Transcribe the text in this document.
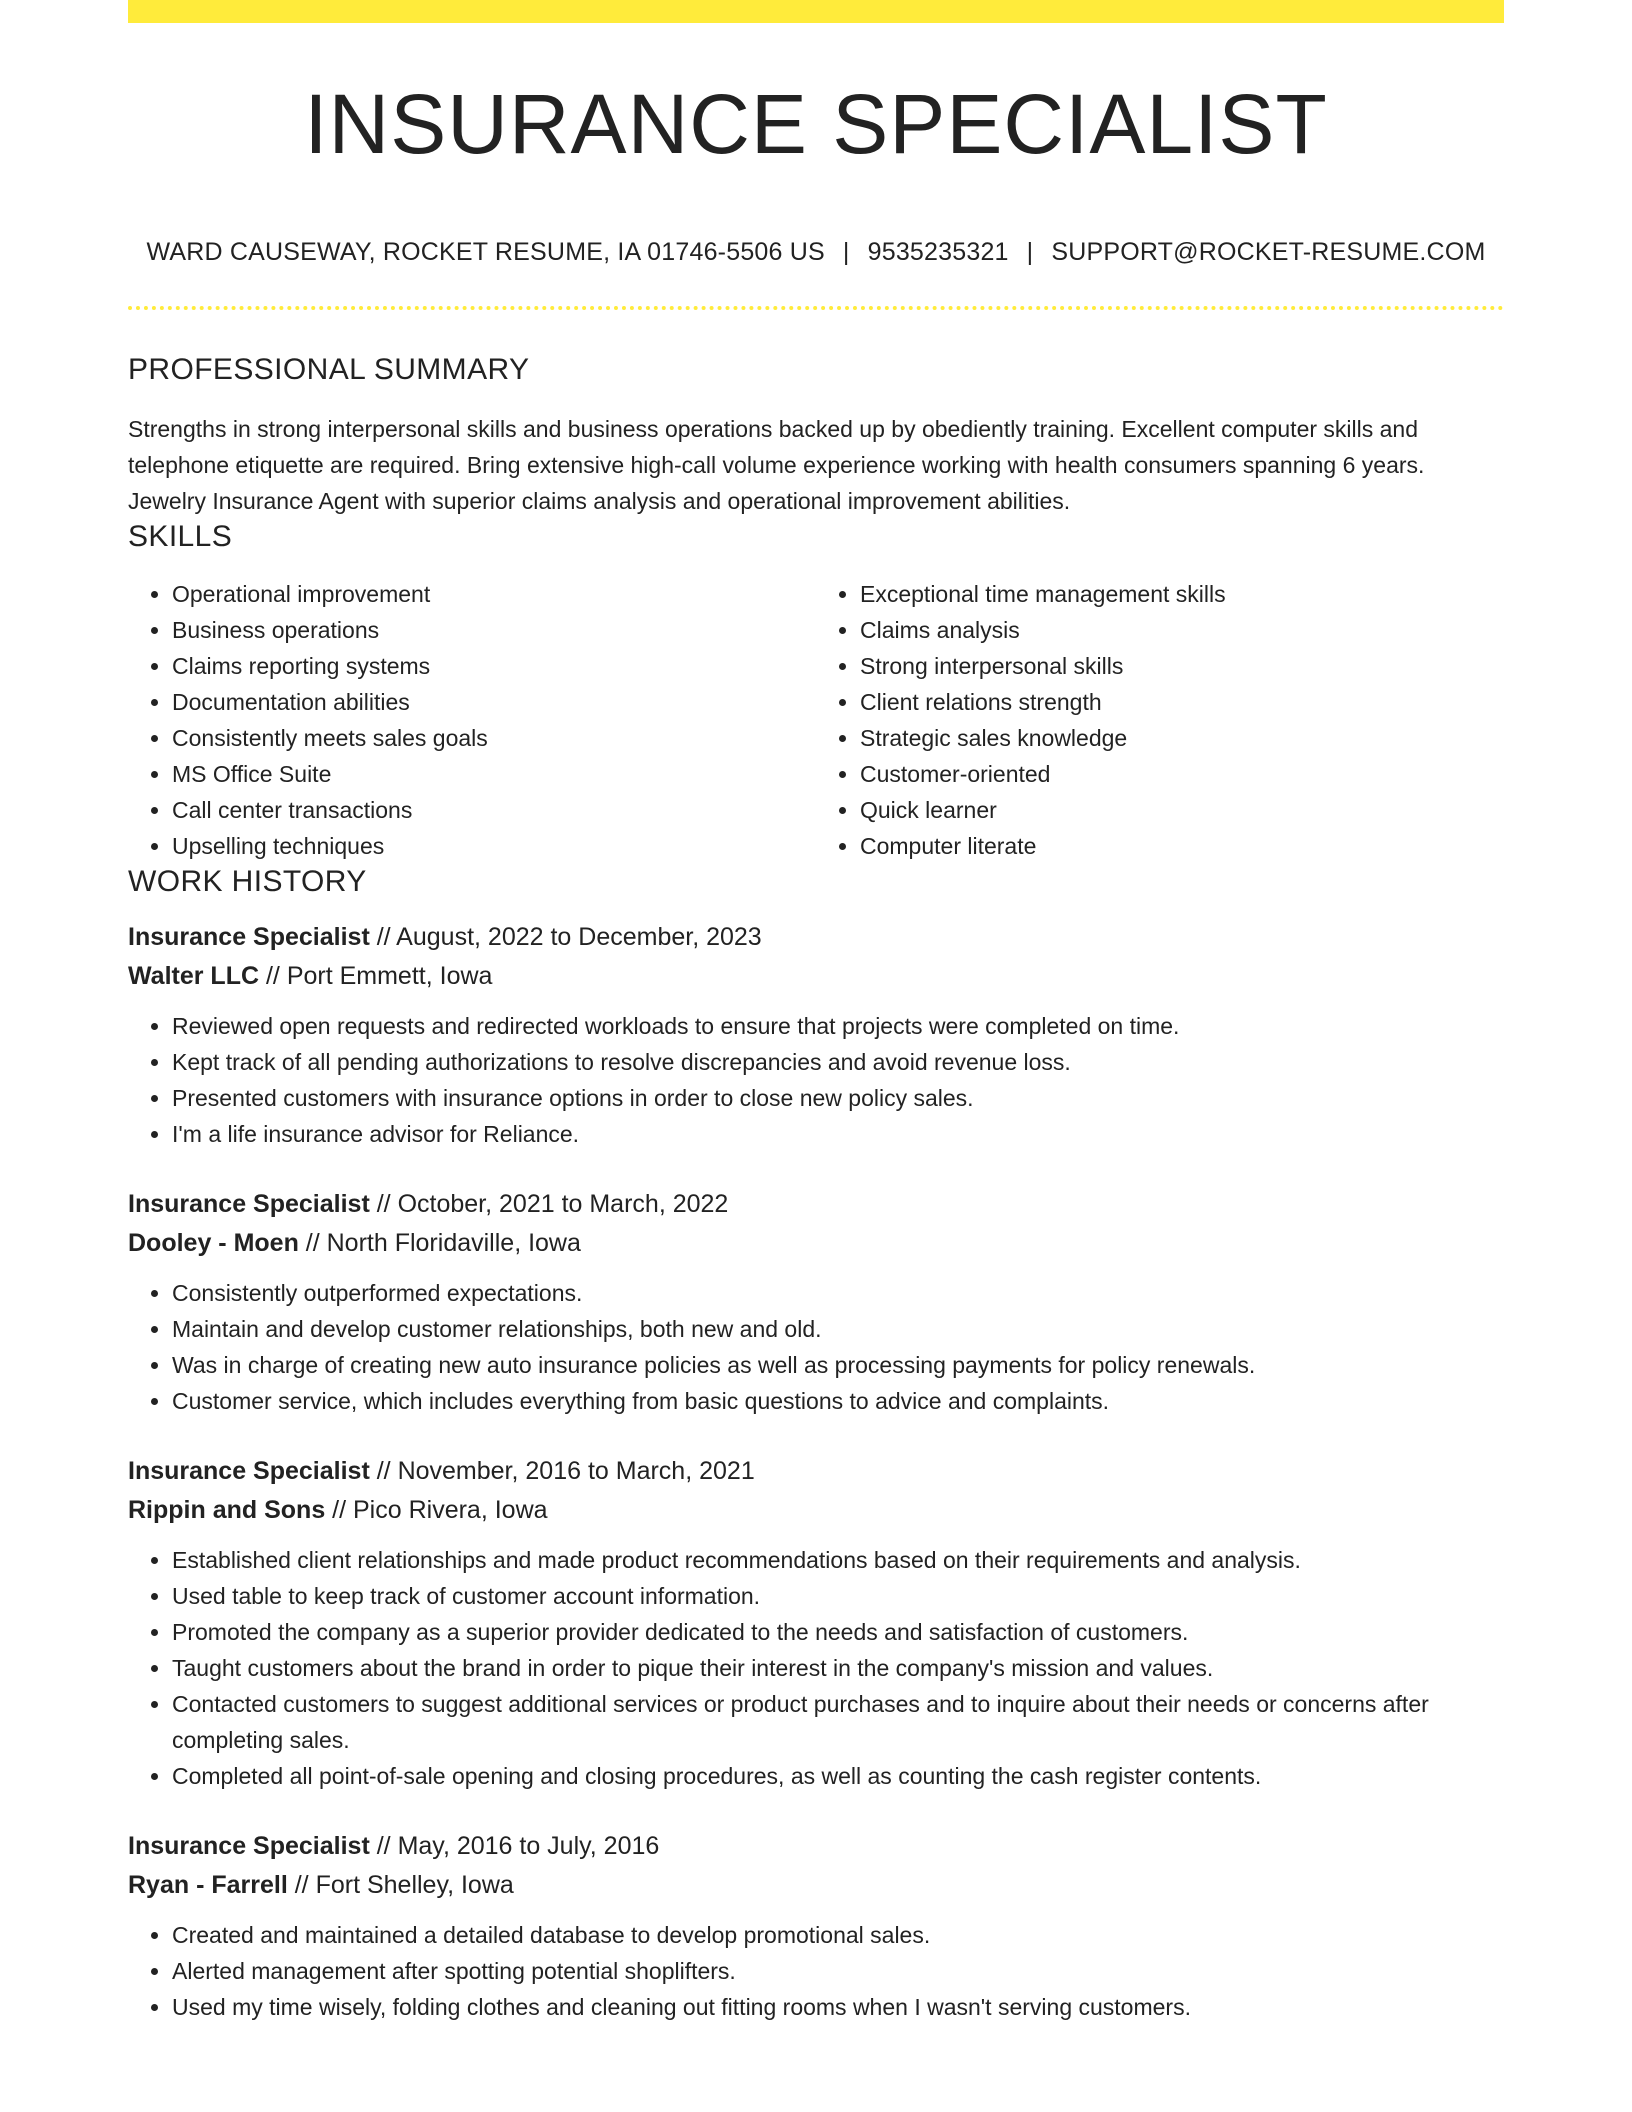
INSURANCE SPECIALIST
WARD CAUSEWAY, ROCKET RESUME, IA 01746-5506 US | 9535235321 | SUPPORT@ROCKET-RESUME.COM
PROFESSIONAL SUMMARY

Strengths in strong interpersonal skills and business operations backed up by obediently training. Excellent computer skills and telephone etiquette are required. Bring extensive high-call volume experience working with health consumers spanning 6 years. Jewelry Insurance Agent with superior claims analysis and operational improvement abilities.

SKILLS
• Operational improvement
• Business operations
• Claims reporting systems
• Documentation abilities
• Consistently meets sales goals
• MS Office Suite
• Call center transactions
• Upselling techniques
• Exceptional time management skills
• Claims analysis
• Strong interpersonal skills
• Client relations strength
• Strategic sales knowledge
• Customer-oriented
• Quick learner
• Computer literate
WORK HISTORY
Insurance Specialist // August, 2022 to December, 2023
Walter LLC // Port Emmett, Iowa
• Reviewed open requests and redirected workloads to ensure that projects were completed on time.
• Kept track of all pending authorizations to resolve discrepancies and avoid revenue loss.
• Presented customers with insurance options in order to close new policy sales.
• I'm a life insurance advisor for Reliance.
Insurance Specialist // October, 2021 to March, 2022
Dooley - Moen // North Floridaville, Iowa
• Consistently outperformed expectations.
• Maintain and develop customer relationships, both new and old.
• Was in charge of creating new auto insurance policies as well as processing payments for policy renewals.
• Customer service, which includes everything from basic questions to advice and complaints.
Insurance Specialist // November, 2016 to March, 2021
Rippin and Sons // Pico Rivera, Iowa
• Established client relationships and made product recommendations based on their requirements and analysis.
• Used table to keep track of customer account information.
• Promoted the company as a superior provider dedicated to the needs and satisfaction of customers.
• Taught customers about the brand in order to pique their interest in the company's mission and values.
• Contacted customers to suggest additional services or product purchases and to inquire about their needs or concerns after completing sales.
• Completed all point-of-sale opening and closing procedures, as well as counting the cash register contents.
Insurance Specialist // May, 2016 to July, 2016
Ryan - Farrell // Fort Shelley, Iowa
• Created and maintained a detailed database to develop promotional sales.
• Alerted management after spotting potential shoplifters.
• Used my time wisely, folding clothes and cleaning out fitting rooms when I wasn't serving customers.
